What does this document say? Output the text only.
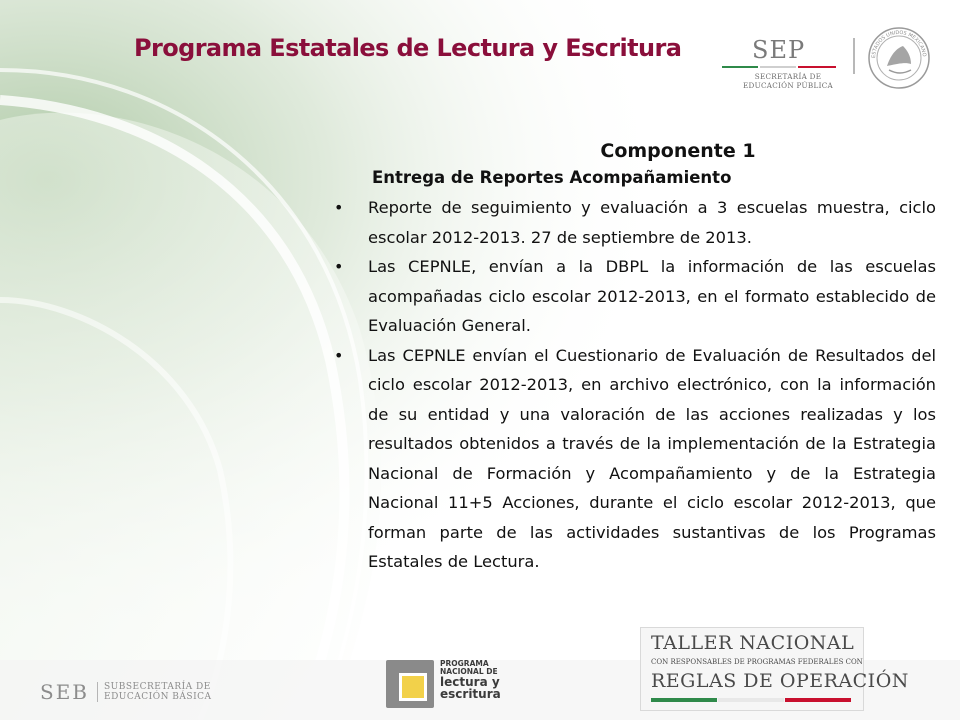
Programa Estatales de Lectura y Escritura	SEP
SECRETARÍA DE
EDUCACIÓN PÚBLICA
ESTADOS UNIDOS MEXICANO
Componente 1
Entrega de Reportes Acompañamiento
• Reporte de seguimiento y evaluación a 3 escuelas muestra, ciclo escolar 2012-2013. 27 de septiembre de 2013.
• Las CEPNLE, envían a la DBPL la información de las escuelas acompañadas ciclo escolar 2012-2013, en el formato establecido de Evaluación General.
• Las CEPNLE envían el Cuestionario de Evaluación de Resultados del ciclo escolar 2012-2013, en archivo electrónico, con la información de su entidad y una valoración de las acciones realizadas y los resultados obtenidos a través de la implementación de la Estrategia Nacional de Formación y Acompañamiento y de la Estrategia Nacional 11+5 Acciones, durante el ciclo escolar 2012-2013, que forman parte de las actividades sustantivas de los Programas Estatales de Lectura.
SEB SUBSECRETARÍA DE
EDUCACIÓN BÁSICA
PROGRAMA
NACIONAL DE
lectura y
escritura
TALLER NACIONAL
CON RESPONSABLES DE PROGRAMAS FEDERALES CON
REGLAS DE OPERACIÓN
